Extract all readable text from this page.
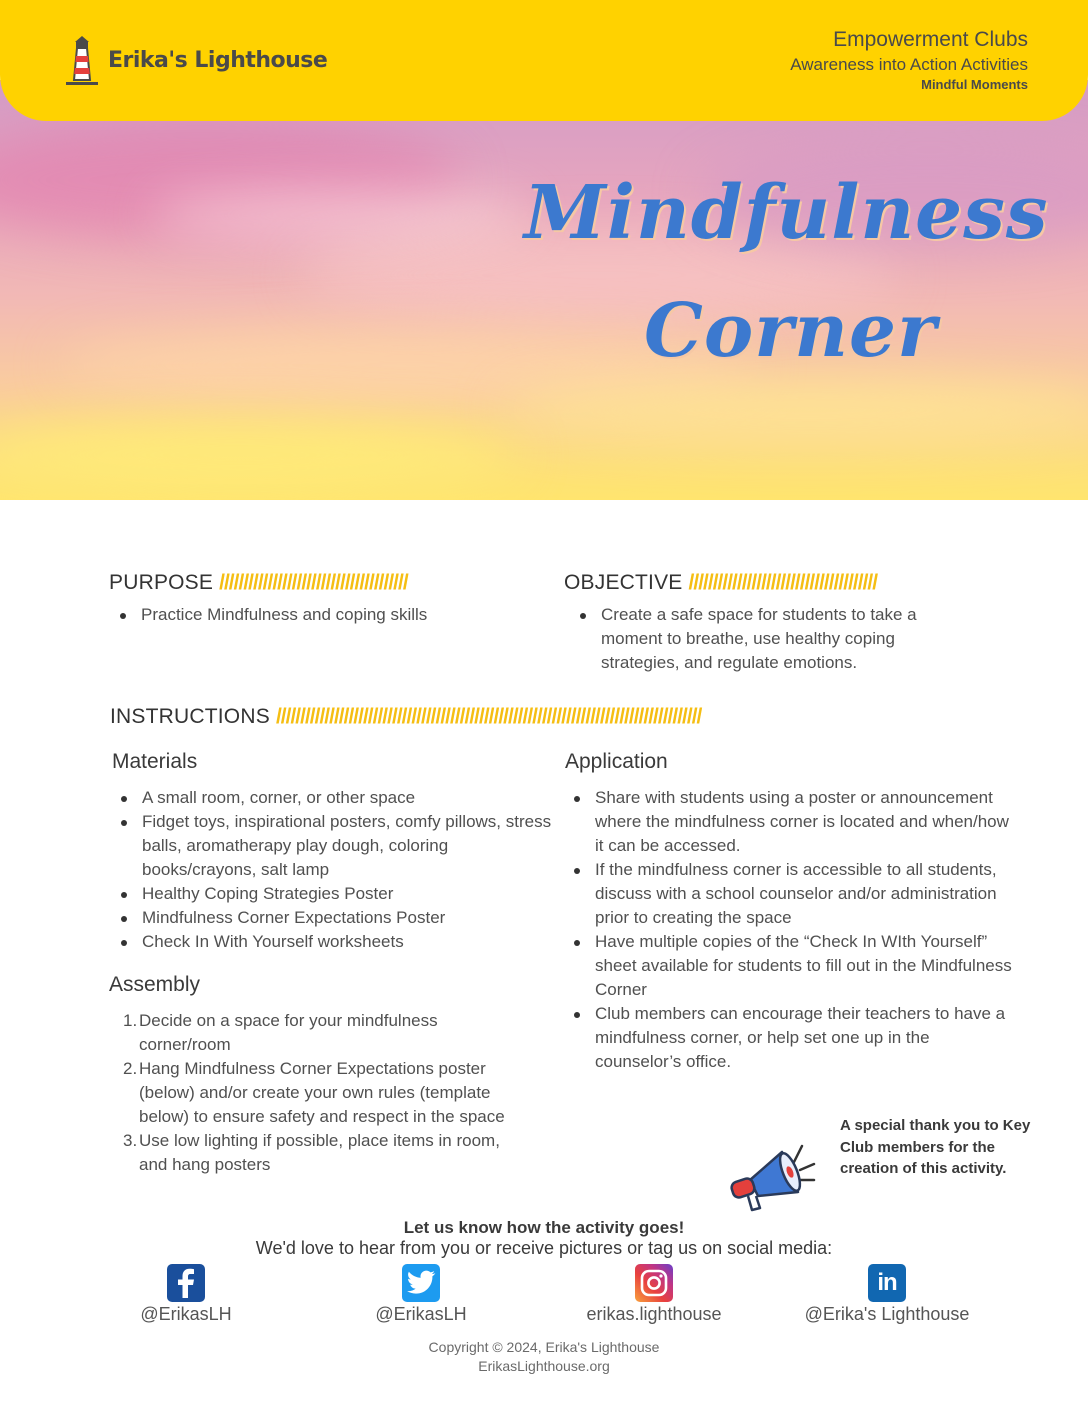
Erika's Lighthouse
Empowerment Clubs
Awareness into Action Activities
Mindful Moments
Mindfulness
Corner
PURPOSE ///////////////////////////////////////
Practice Mindfulness and coping skills
OBJECTIVE ///////////////////////////////////////
Create a safe space for students to take a moment to breathe, use healthy coping strategies, and regulate emotions.
INSTRUCTIONS ////////////////////////////////////////////////////////////////////////////////////////
Materials
A small room, corner, or other space
Fidget toys, inspirational posters, comfy pillows, stress balls, aromatherapy play dough, coloring books/crayons, salt lamp
Healthy Coping Strategies Poster
Mindfulness Corner Expectations Poster
Check In With Yourself worksheets
Assembly
1. Decide on a space for your mindfulness corner/room
2. Hang Mindfulness Corner Expectations poster (below) and/or create your own rules (template below) to ensure safety and respect in the space
3. Use low lighting if possible, place items in room, and hang posters
Application
Share with students using a poster or announcement where the mindfulness corner is located and when/how it can be accessed.
If the mindfulness corner is accessible to all students, discuss with a school counselor and/or administration prior to creating the space
Have multiple copies of the “Check In WIth Yourself” sheet available for students to fill out in the Mindfulness Corner
Club members can encourage their teachers to have a mindfulness corner, or help set one up in the counselor’s office.
A special thank you to Key Club members for the creation of this activity.
Let us know how the activity goes!
We'd love to hear from you or receive pictures or tag us on social media:
@ErikasLH	@ErikasLH	erikas.lighthouse
in
@Erika's Lighthouse
Copyright © 2024, Erika's Lighthouse
ErikasLighthouse.org
